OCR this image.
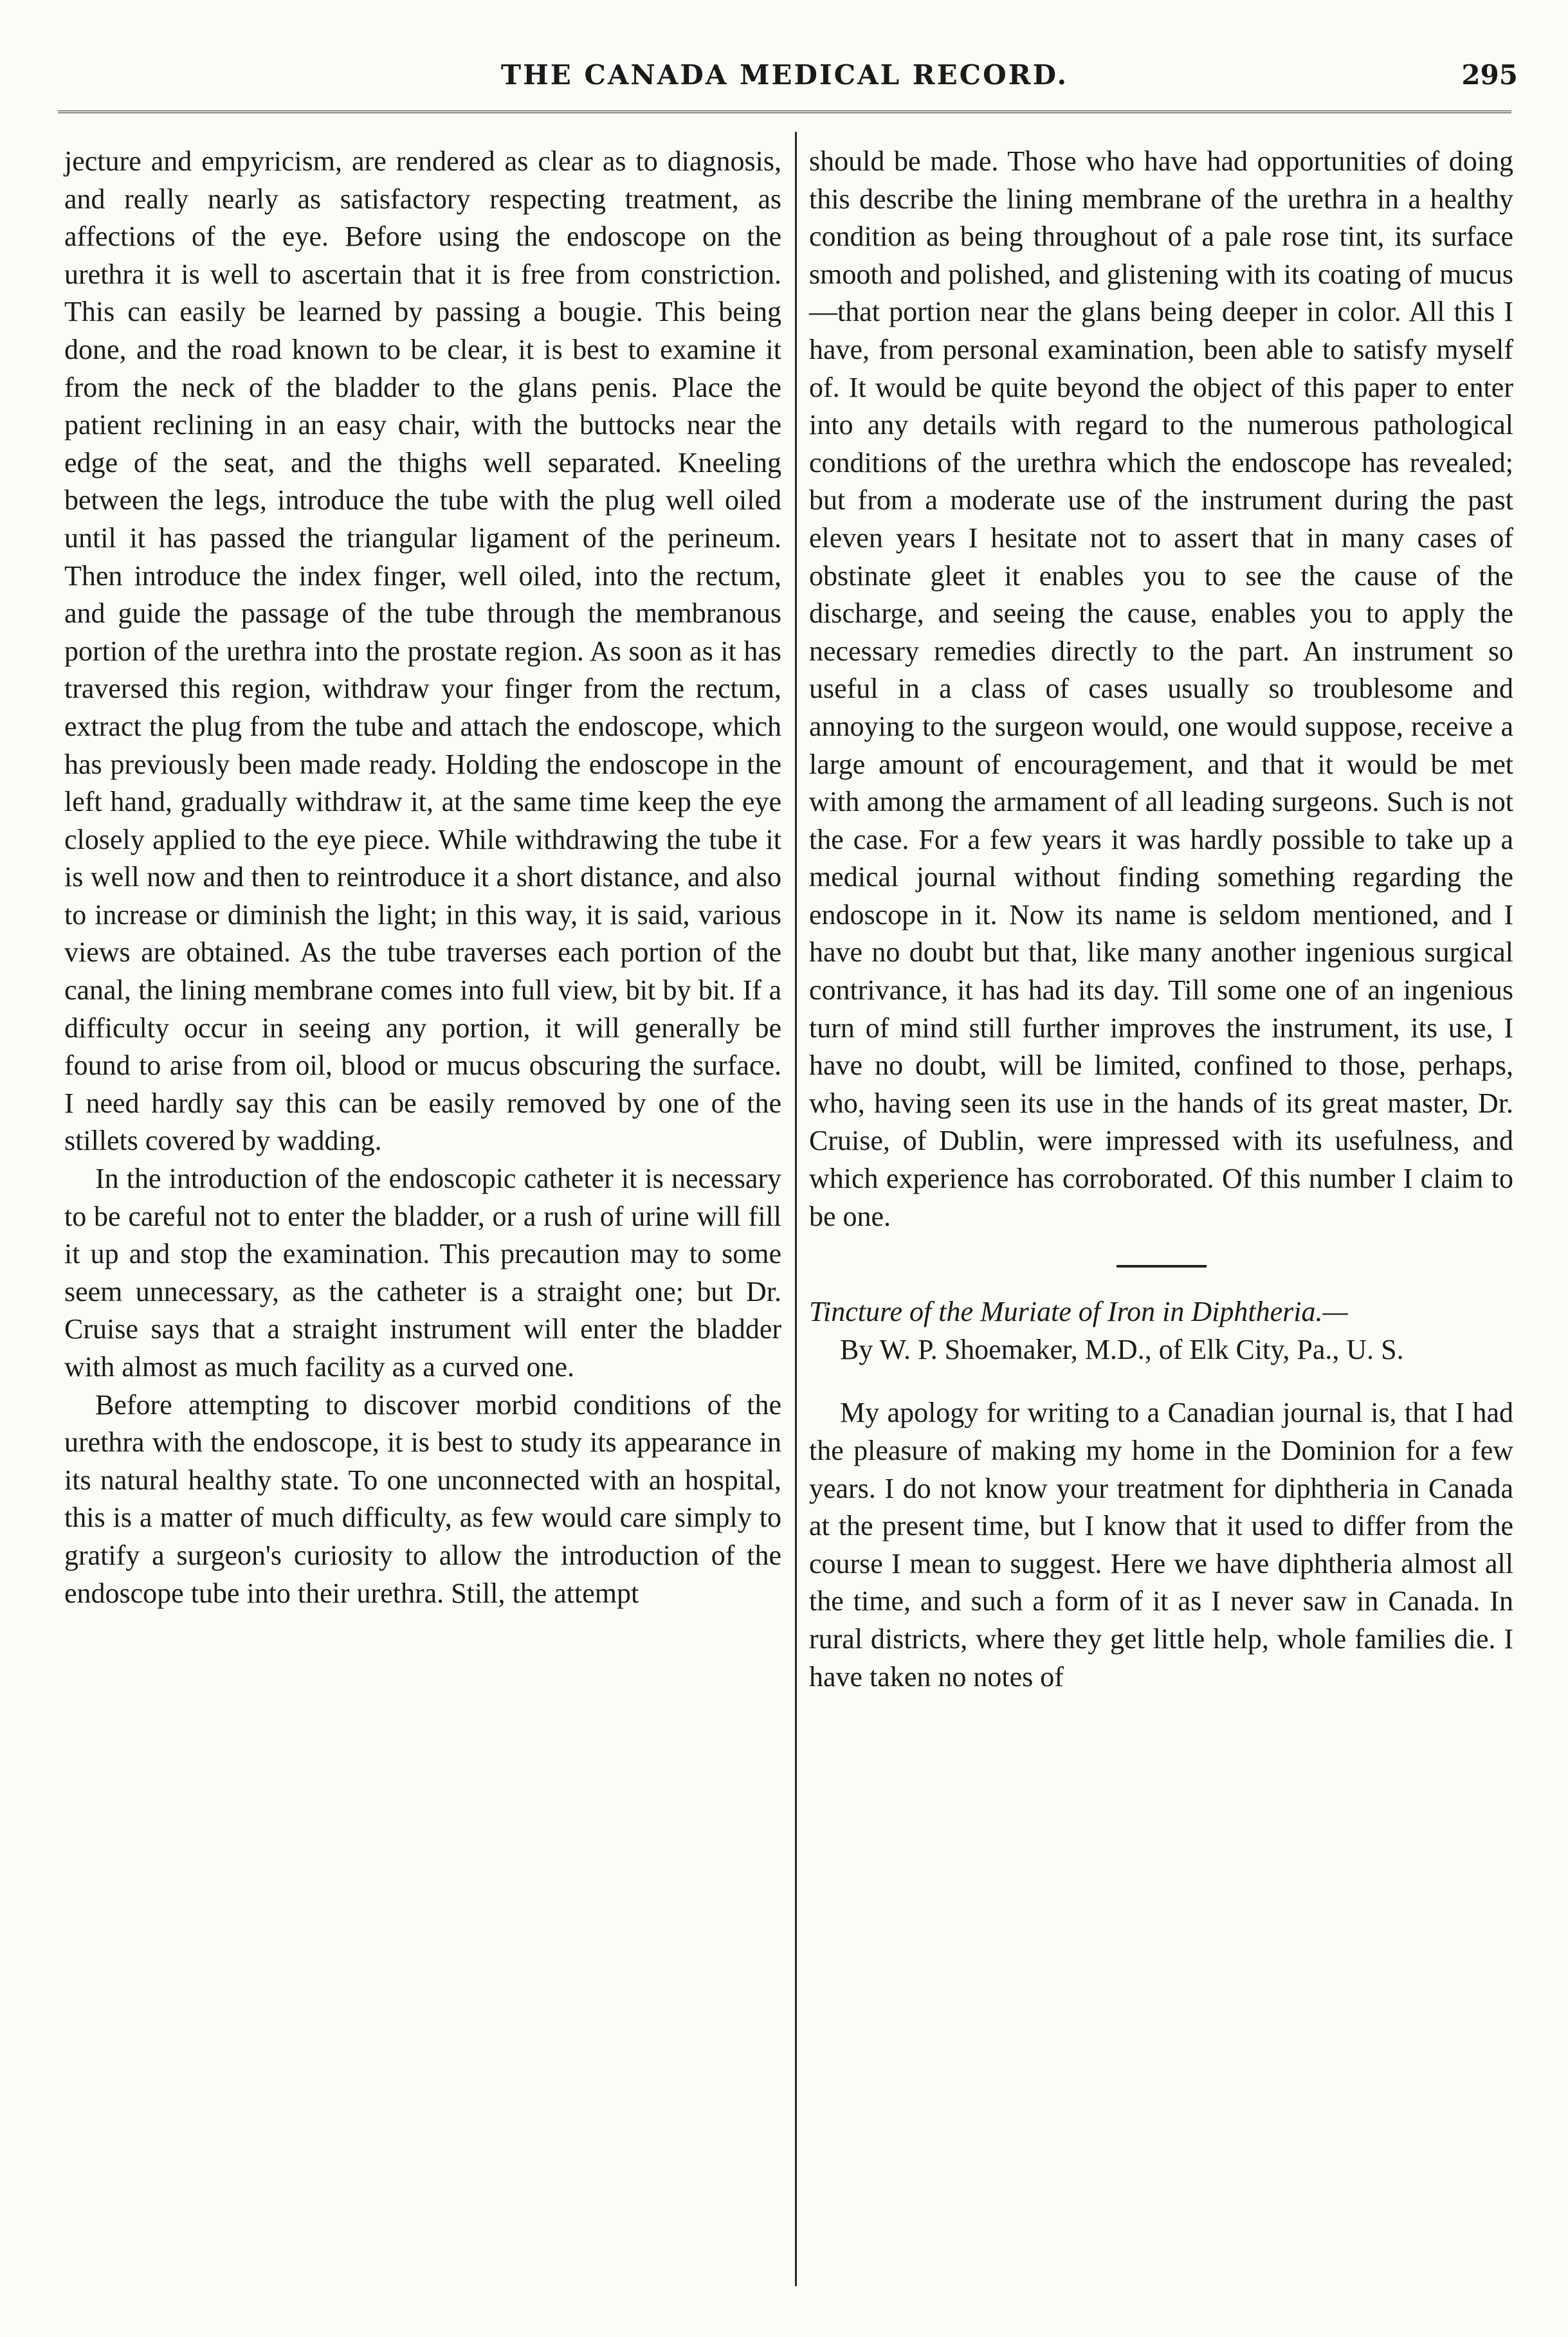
THE CANADA MEDICAL RECORD.	295

jecture and empyricism, are rendered as clear as to diagnosis, and really nearly as satisfactory respecting treatment, as affections of the eye. Before using the endoscope on the urethra it is well to ascertain that it is free from constriction. This can easily be learned by passing a bougie. This being done, and the road known to be clear, it is best to examine it from the neck of the bladder to the glans penis. Place the patient reclining in an easy chair, with the buttocks near the edge of the seat, and the thighs well separated. Kneeling between the legs, introduce the tube with the plug well oiled until it has passed the triangular ligament of the perineum. Then introduce the index finger, well oiled, into the rectum, and guide the passage of the tube through the membranous portion of the urethra into the prostate region. As soon as it has traversed this region, withdraw your finger from the rectum, extract the plug from the tube and attach the endoscope, which has previously been made ready. Holding the endoscope in the left hand, gradually withdraw it, at the same time keep the eye closely applied to the eye piece. While withdrawing the tube it is well now and then to reintroduce it a short distance, and also to increase or diminish the light; in this way, it is said, various views are obtained. As the tube traverses each portion of the canal, the lining membrane comes into full view, bit by bit. If a difficulty occur in seeing any portion, it will generally be found to arise from oil, blood or mucus obscuring the surface. I need hardly say this can be easily removed by one of the stillets covered by wadding.

In the introduction of the endoscopic catheter it is necessary to be careful not to enter the bladder, or a rush of urine will fill it up and stop the examination. This precaution may to some seem unnecessary, as the catheter is a straight one; but Dr. Cruise says that a straight instrument will enter the bladder with almost as much facility as a curved one.

Before attempting to discover morbid conditions of the urethra with the endoscope, it is best to study its appearance in its natural healthy state. To one unconnected with an hospital, this is a matter of much difficulty, as few would care simply to gratify a surgeon's curiosity to allow the introduction of the endoscope tube into their urethra. Still, the attempt

should be made. Those who have had opportunities of doing this describe the lining membrane of the urethra in a healthy condition as being throughout of a pale rose tint, its surface smooth and polished, and glistening with its coating of mucus—that portion near the glans being deeper in color. All this I have, from personal examination, been able to satisfy myself of. It would be quite beyond the object of this paper to enter into any details with regard to the numerous pathological conditions of the urethra which the endoscope has revealed; but from a moderate use of the instrument during the past eleven years I hesitate not to assert that in many cases of obstinate gleet it enables you to see the cause of the discharge, and seeing the cause, enables you to apply the necessary remedies directly to the part. An instrument so useful in a class of cases usually so troublesome and annoying to the surgeon would, one would suppose, receive a large amount of encouragement, and that it would be met with among the armament of all leading surgeons. Such is not the case. For a few years it was hardly possible to take up a medical journal without finding something regarding the endoscope in it. Now its name is seldom mentioned, and I have no doubt but that, like many another ingenious surgical contrivance, it has had its day. Till some one of an ingenious turn of mind still further improves the instrument, its use, I have no doubt, will be limited, confined to those, perhaps, who, having seen its use in the hands of its great master, Dr. Cruise, of Dublin, were impressed with its usefulness, and which experience has corroborated. Of this number I claim to be one.

Tincture of the Muriate of Iron in Diphtheria.—
By W. P. Shoemaker, M.D., of Elk City, Pa., U. S.

My apology for writing to a Canadian journal is, that I had the pleasure of making my home in the Dominion for a few years. I do not know your treatment for diphtheria in Canada at the present time, but I know that it used to differ from the course I mean to suggest. Here we have diphtheria almost all the time, and such a form of it as I never saw in Canada. In rural districts, where they get little help, whole families die. I have taken no notes of
